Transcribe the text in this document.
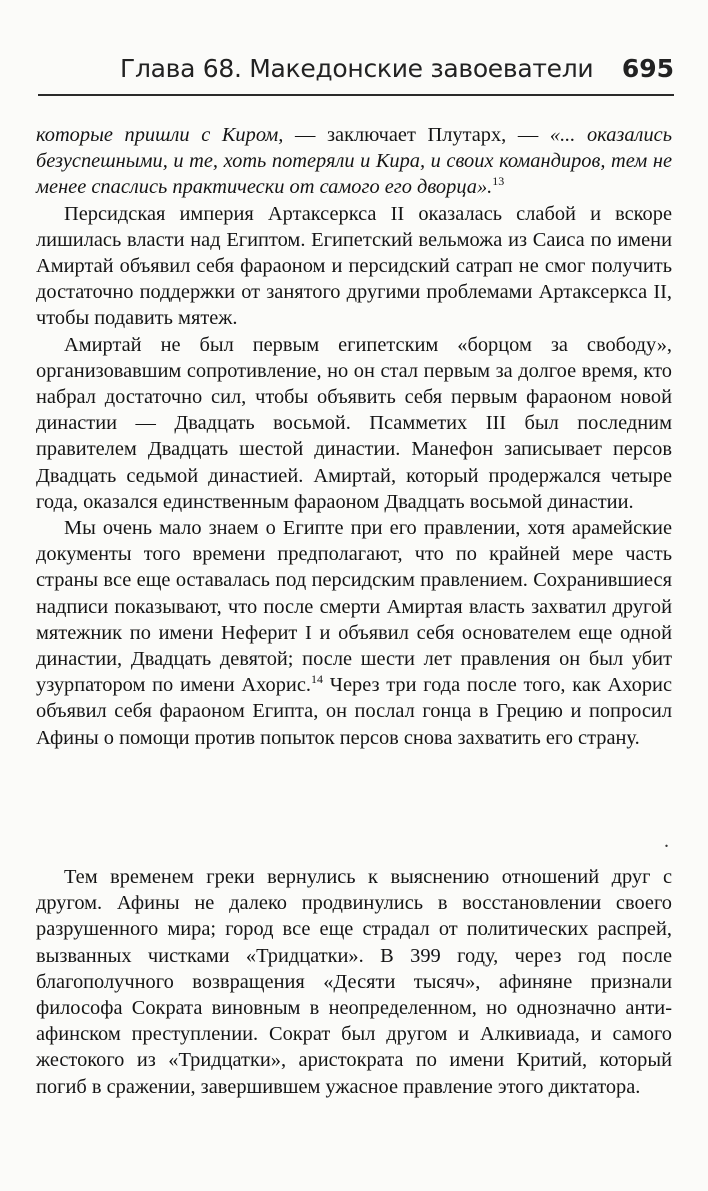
Глава 68. Македонские завоеватели 695

которые пришли с Киром, — заключает Плутарх, — «... оказались безуспешными, и те, хоть потеряли и Кира, и своих командиров, тем не менее спаслись практически от самого его дворца».$^{13}$

Персидская империя Артаксеркса II оказалась слабой и вскоре лишилась власти над Египтом. Египетский вельможа из Саиса по имени Амиртай объявил себя фараоном и персидский сатрап не смог получить достаточно поддержки от занятого другими проблемами Артаксеркса II, чтобы подавить мятеж.

Амиртай не был первым египетским «борцом за свободу», организовавшим сопротивление, но он стал первым за долгое время, кто набрал достаточно сил, чтобы объявить себя первым фараоном новой династии — Двадцать восьмой. Псамметих III был последним правителем Двадцать шестой династии. Манефон записывает персов Двадцать седьмой династией. Амиртай, который продержался четыре года, оказался единственным фараоном Двадцать восьмой династии.

Мы очень мало знаем о Египте при его правлении, хотя арамейские документы того времени предполагают, что по крайней мере часть страны все еще оставалась под персидским правлением. Сохранившиеся надписи показывают, что после смерти Амиртая власть захватил другой мятежник по имени Неферит I и объявил себя основателем еще одной династии, Двадцать девятой; после шести лет правления он был убит узурпатором по имени Ахорис.$^{14}$ Через три года после того, как Ахорис объявил себя фараоном Египта, он послал гонца в Грецию и попросил Афины о помощи против попыток персов снова захватить его страну.

.

Тем временем греки вернулись к выяснению отношений друг с другом. Афины не далеко продвинулись в восстановлении своего разрушенного мира; город все еще страдал от политических распрей, вызванных чистками «Тридцатки». В 399 году, через год после благополучного возвращения «Десяти тысяч», афиняне признали философа Сократа виновным в неопределенном, но однозначно анти-афинском преступлении. Сократ был другом и Алкивиада, и самого жестокого из «Тридцатки», аристократа по имени Критий, который погиб в сражении, завершившем ужасное правление этого диктатора.
